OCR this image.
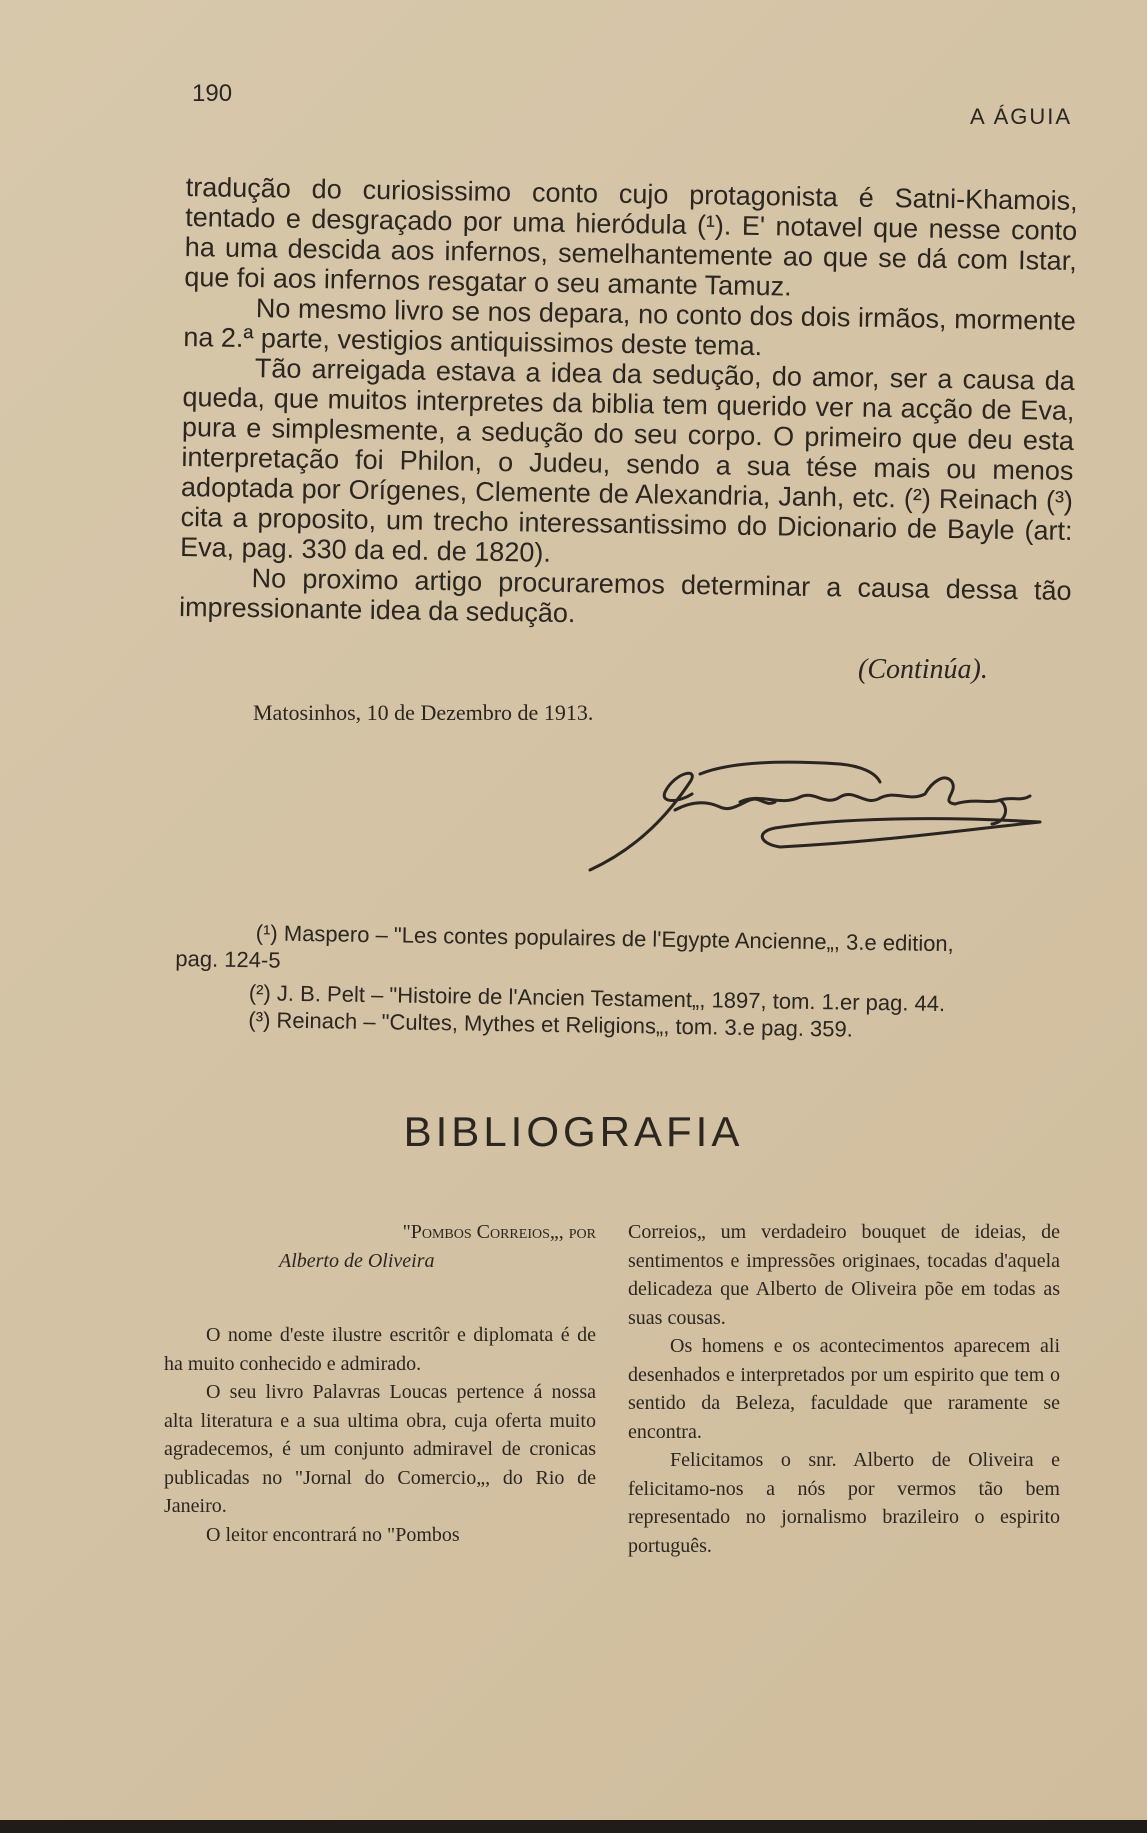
190
A ÁGUIA

tradução do curiosissimo conto cujo protagonista é Satni-Khamois, tentado e desgraçado por uma hieródula (¹). E' notavel que nesse conto ha uma descida aos infernos, semelhantemente ao que se dá com Istar, que foi aos infernos resgatar o seu amante Tamuz.

No mesmo livro se nos depara, no conto dos dois irmãos, mormente na 2.ª parte, vestigios antiquissimos deste tema.

Tão arreigada estava a idea da sedução, do amor, ser a causa da queda, que muitos interpretes da biblia tem querido ver na acção de Eva, pura e simplesmente, a sedução do seu corpo. O primeiro que deu esta interpretação foi Philon, o Judeu, sendo a sua tése mais ou menos adoptada por Orígenes, Clemente de Alexandria, Janh, etc. (²) Reinach (³) cita a proposito, um trecho interessantissimo do Dicionario de Bayle (art: Eva, pag. 330 da ed. de 1820).

No proximo artigo procuraremos determinar a causa dessa tão impressionante idea da sedução.

(Continúa).
Matosinhos, 10 de Dezembro de 1913.
(¹) Maspero – "Les contes populaires de l'Egypte Ancienne„, 3.e edition,
pag. 124-5
(²) J. B. Pelt – "Histoire de l'Ancien Testament„, 1897, tom. 1.er pag. 44.
(³) Reinach – "Cultes, Mythes et Religions„, tom. 3.e pag. 359.
BIBLIOGRAFIA

"Pombos Correios„, por

Alberto de Oliveira

O nome d'este ilustre escritôr e diplomata é de ha muito conhecido e admirado.

O seu livro Palavras Loucas pertence á nossa alta literatura e a sua ultima obra, cuja oferta muito agradecemos, é um conjunto admiravel de cronicas publicadas no "Jornal do Comercio„, do Rio de Janeiro.

O leitor encontrará no "Pombos

Correios„ um verdadeiro bouquet de ideias, de sentimentos e impressões originaes, tocadas d'aquela delicadeza que Alberto de Oliveira põe em todas as suas cousas.

Os homens e os acontecimentos aparecem ali desenhados e interpretados por um espirito que tem o sentido da Beleza, faculdade que raramente se encontra.

Felicitamos o snr. Alberto de Oliveira e felicitamo-nos a nós por vermos tão bem representado no jornalismo brazileiro o espirito português.
